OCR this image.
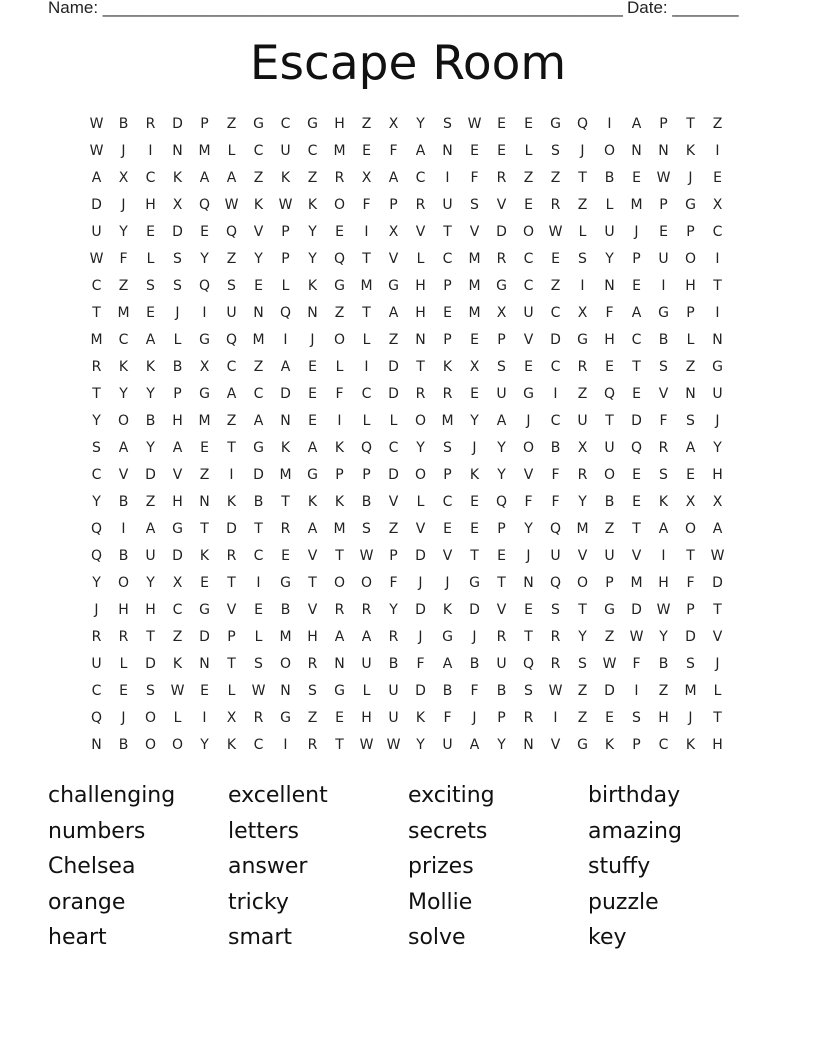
Name: _______________________________________________________ Date: _______
Escape Room
W	B	R	D	P	Z	G	C	G	H	Z	X	Y	S	W	E	E	G	Q	I	A	P	T	Z
W	J	I	N	M	L	C	U	C	M	E	F	A	N	E	E	L	S	J	O	N	N	K	I
A	X	C	K	A	A	Z	K	Z	R	X	A	C	I	F	R	Z	Z	T	B	E	W	J	E
D	J	H	X	Q	W	K	W	K	O	F	P	R	U	S	V	E	R	Z	L	M	P	G	X
U	Y	E	D	E	Q	V	P	Y	E	I	X	V	T	V	D	O	W	L	U	J	E	P	C
W	F	L	S	Y	Z	Y	P	Y	Q	T	V	L	C	M	R	C	E	S	Y	P	U	O	I
C	Z	S	S	Q	S	E	L	K	G	M	G	H	P	M	G	C	Z	I	N	E	I	H	T
T	M	E	J	I	U	N	Q	N	Z	T	A	H	E	M	X	U	C	X	F	A	G	P	I
M	C	A	L	G	Q	M	I	J	O	L	Z	N	P	E	P	V	D	G	H	C	B	L	N
R	K	K	B	X	C	Z	A	E	L	I	D	T	K	X	S	E	C	R	E	T	S	Z	G
T	Y	Y	P	G	A	C	D	E	F	C	D	R	R	E	U	G	I	Z	Q	E	V	N	U
Y	O	B	H	M	Z	A	N	E	I	L	L	O	M	Y	A	J	C	U	T	D	F	S	J
S	A	Y	A	E	T	G	K	A	K	Q	C	Y	S	J	Y	O	B	X	U	Q	R	A	Y
C	V	D	V	Z	I	D	M	G	P	P	D	O	P	K	Y	V	F	R	O	E	S	E	H
Y	B	Z	H	N	K	B	T	K	K	B	V	L	C	E	Q	F	F	Y	B	E	K	X	X
Q	I	A	G	T	D	T	R	A	M	S	Z	V	E	E	P	Y	Q	M	Z	T	A	O	A
Q	B	U	D	K	R	C	E	V	T	W	P	D	V	T	E	J	U	V	U	V	I	T	W
Y	O	Y	X	E	T	I	G	T	O	O	F	J	J	G	T	N	Q	O	P	M	H	F	D
J	H	H	C	G	V	E	B	V	R	R	Y	D	K	D	V	E	S	T	G	D	W	P	T
R	R	T	Z	D	P	L	M	H	A	A	R	J	G	J	R	T	R	Y	Z	W	Y	D	V
U	L	D	K	N	T	S	O	R	N	U	B	F	A	B	U	Q	R	S	W	F	B	S	J
C	E	S	W	E	L	W	N	S	G	L	U	D	B	F	B	S	W	Z	D	I	Z	M	L
Q	J	O	L	I	X	R	G	Z	E	H	U	K	F	J	P	R	I	Z	E	S	H	J	T
N	B	O	O	Y	K	C	I	R	T	W W	Y	U	A	Y	N	V	G	K	P	C	K	H
challenging	excellent	exciting	birthday
numbers	letters	secrets	amazing
Chelsea	answer	prizes	stuffy
orange	tricky	Mollie	puzzle
heart	smart	solve	key
